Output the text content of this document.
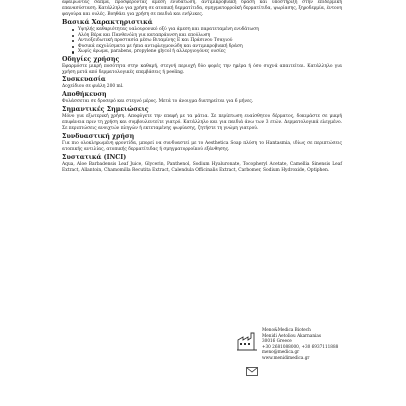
αφαιρώντας σάπμα, προσφέροντας αμεση ενυδάτωση, αντιμικροβιακή δράση και υποστήριξη στην επιδερμική επανασύσταση. Κατάλληλο για χρήση σε ατοπική δερματίτιδα, σμηγματορροϊκή δερματίτιδα, ψωρίασης, ξηροδερμία, έντονη φαγούρα και ουλές. Βοηθάει για χρήση σε παιδιά και ενήλικες.

Βασικά Χαρακτηριστικά

Υψηλής καθαριότητας υαλουρονικό οξύ για άμεση και παρατεταμένη ενυδάτωση
Αλόη Βέρα και Πανθενόλη για καταπράυνση και επούλωση
Αντιοξειδωτική προστασία μέσω Βιταμίνης Ε και Πράσινου Τσαγιού
Φυσικά εκχυλίσματα με ήπια αντιφλεγμονώδη και αντιμικροβιακή δράση
Χωρίς άρωμα, parabens, propylene glycol ή αλλεργιογόνες ουσίες

Οδηγίες χρήσης

Εφαρμόστε μικρή ποσότητα στην καθαρή, στεγνή περιοχή δύο φορές την ημέρα ή όσο συχνά απαιτείται. Κατάλληλο για χρήση μετά από δερματολογικές επεμβάσεις ή peeling.

Συσκευασία

Δοχείδιου σε φιάλη 200 ml.

Αποθήκευση

Φυλάσσεται σε δροσερό και στεγνό μέρος. Μετά το άνοιγμα διατηρείται για 6 μήνες.

Σημαντικές Σημειώσεις

Μόνο για εξωτερική χρήση. Αποφύγετε την επαφή με τα μάτια. Σε περίπτωση ευαίσθητου δέρματος, δοκιμάστε σε μικρή επιφάνεια πριν τη χρήση και συμβουλευτείτε γιατρό. Κατάλληλο και για παιδιά άνω των 3 ετών. Δερματολογικά ελεγμένο. Σε περιπτώσεις ανοιχτών πληγών ή εκτεταμένης ψωρίασης, ζητήστε τη γνώμη γιατρού.

Συνδυαστική χρήση

Για πιο ολοκληρωμένη φροντίδα, μπορεί να συνδυαστεί με το Aesthetica Soap πλύση το Hantasmia, ιδίως σε περιπτώσεις ατοπικής αντιλίας, ατοπικής δερματίτιδας ή σμηγματορροϊκού εξάνθησης.

Συστατικά (INCI)

Aqua, Aloe Barbadensis Leaf Juice, Glycerin, Panthenol, Sodium Hyaluronate, Tocopheryl Acetate, Camellia Sinensis Leaf Extract, Allantoin, Chamomilla Recutita Extract, Calendula Officinalis Extract, Carbomer, Sodium Hydroxide, Optiphen.

Meno&Medica Biotech

Menidi Aetoliou Akarnanias

30016 Greece

+30 2681088000, +30 6937111888

meno@medica.gr

www.menidimedica.gr
